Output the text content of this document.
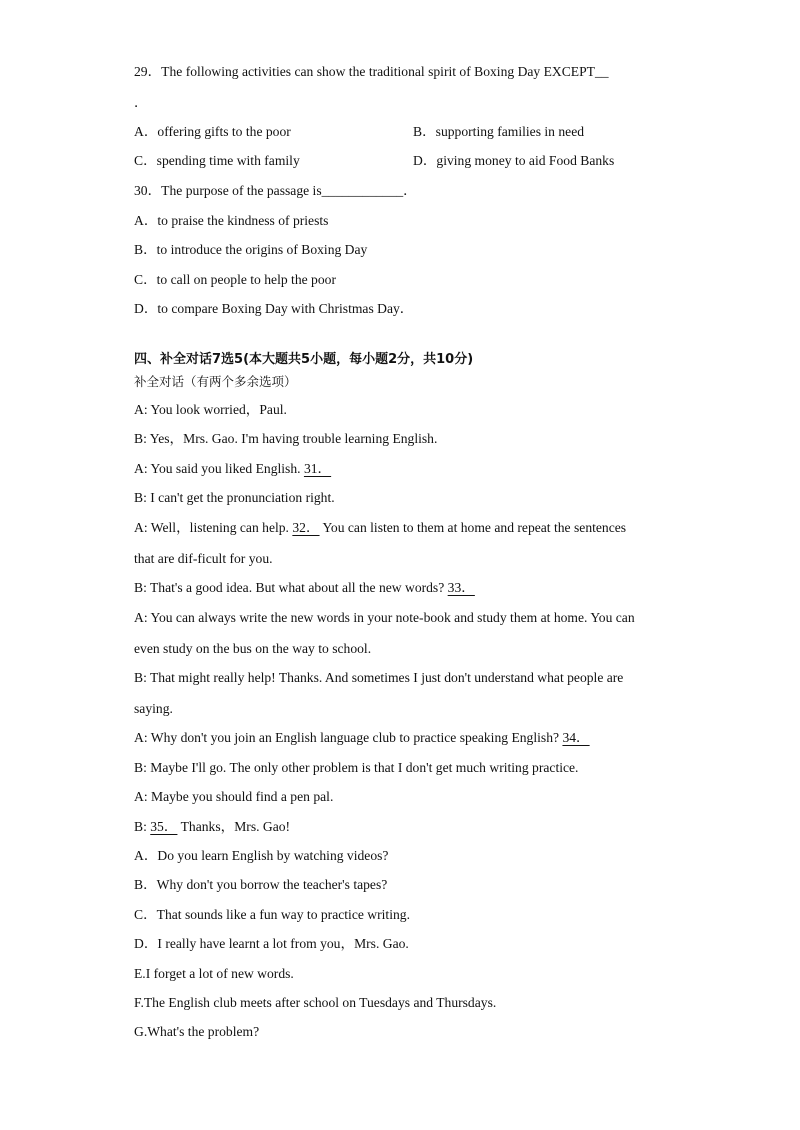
29．The following activities can show the traditional spirit of Boxing Day EXCEPT__
．
A．offering gifts to the poor	B．supporting families in need
C．spending time with family	D．giving money to aid Food Banks
30．The purpose of the passage is____________．
A．to praise the kindness of priests
B．to introduce the origins of Boxing Day
C．to call on people to help the poor
D．to compare Boxing Day with Christmas Day．
四、补全对话7选5(本大题共5小题，每小题2分，共10分)
补全对话（有两个多余选项）
A: You look worried，Paul.
B: Yes，Mrs. Gao. I'm having trouble learning English.
A: You said you liked English. 31．
B: I can't get the pronunciation right.
A: Well，listening can help. 32． You can listen to them at home and repeat the sentences
that are dif-ficult for you.
B: That's a good idea. But what about all the new words? 33．
A: You can always write the new words in your note-book and study them at home. You can
even study on the bus on the way to school.
B: That might really help! Thanks. And sometimes I just don't understand what people are
saying.
A: Why don't you join an English language club to practice speaking English? 34．
B: Maybe I'll go. The only other problem is that I don't get much writing practice.
A: Maybe you should find a pen pal.
B: 35． Thanks，Mrs. Gao!
A．Do you learn English by watching videos?
B．Why don't you borrow the teacher's tapes?
C．That sounds like a fun way to practice writing.
D．I really have learnt a lot from you，Mrs. Gao.
E.I forget a lot of new words.
F.The English club meets after school on Tuesdays and Thursdays.
G.What's the problem?
